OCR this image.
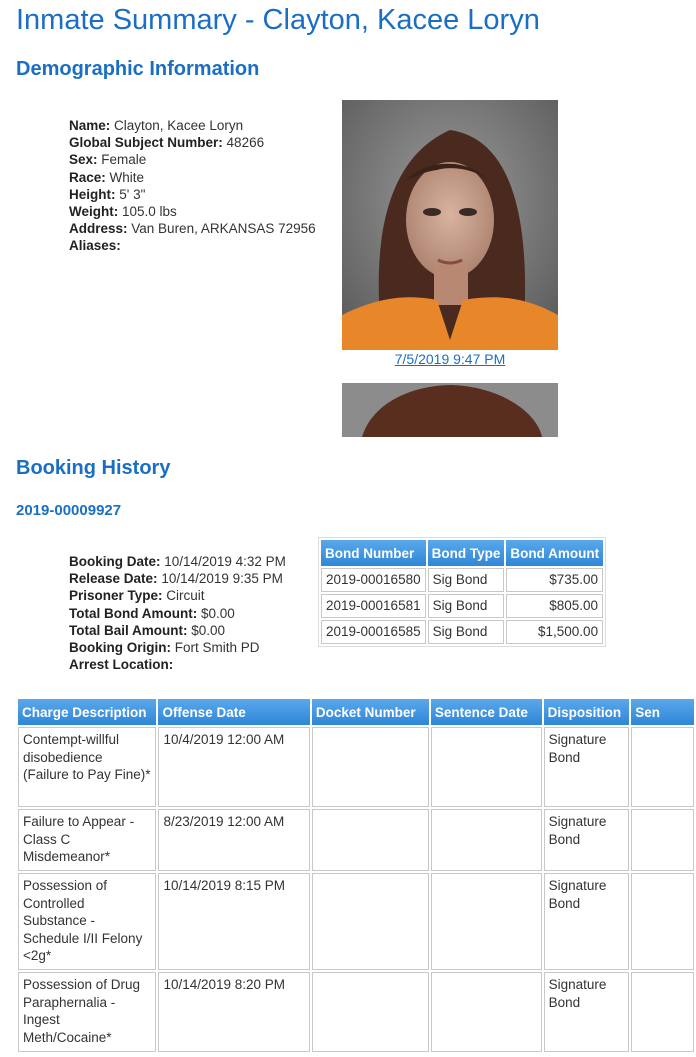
Inmate Summary - Clayton, Kacee Loryn
Demographic Information
Name: Clayton, Kacee Loryn
Global Subject Number: 48266
Sex: Female
Race: White
Height: 5' 3"
Weight: 105.0 lbs
Address: Van Buren, ARKANSAS 72956
Aliases:
7/5/2019 9:47 PM
Booking History
2019-00009927
Booking Date: 10/14/2019 4:32 PM
Release Date: 10/14/2019 9:35 PM
Prisoner Type: Circuit
Total Bond Amount: $0.00
Total Bail Amount: $0.00
Booking Origin: Fort Smith PD
Arrest Location:
Bond Number	Bond Type	Bond Amount
2019-00016580	Sig Bond	$735.00
2019-00016581	Sig Bond	$805.00
2019-00016585	Sig Bond	$1,500.00
Charge Description	Offense Date	Docket Number	Sentence Date	Disposition	Sen
Contempt-willful disobedience (Failure to Pay Fine)*	10/4/2019 12:00 AM			Signature Bond	
Failure to Appear - Class C Misdemeanor*	8/23/2019 12:00 AM			Signature Bond	
Possession of Controlled Substance - Schedule I/II Felony <2g*	10/14/2019 8:15 PM			Signature Bond	
Possession of Drug Paraphernalia - Ingest Meth/Cocaine*	10/14/2019 8:20 PM			Signature Bond	
